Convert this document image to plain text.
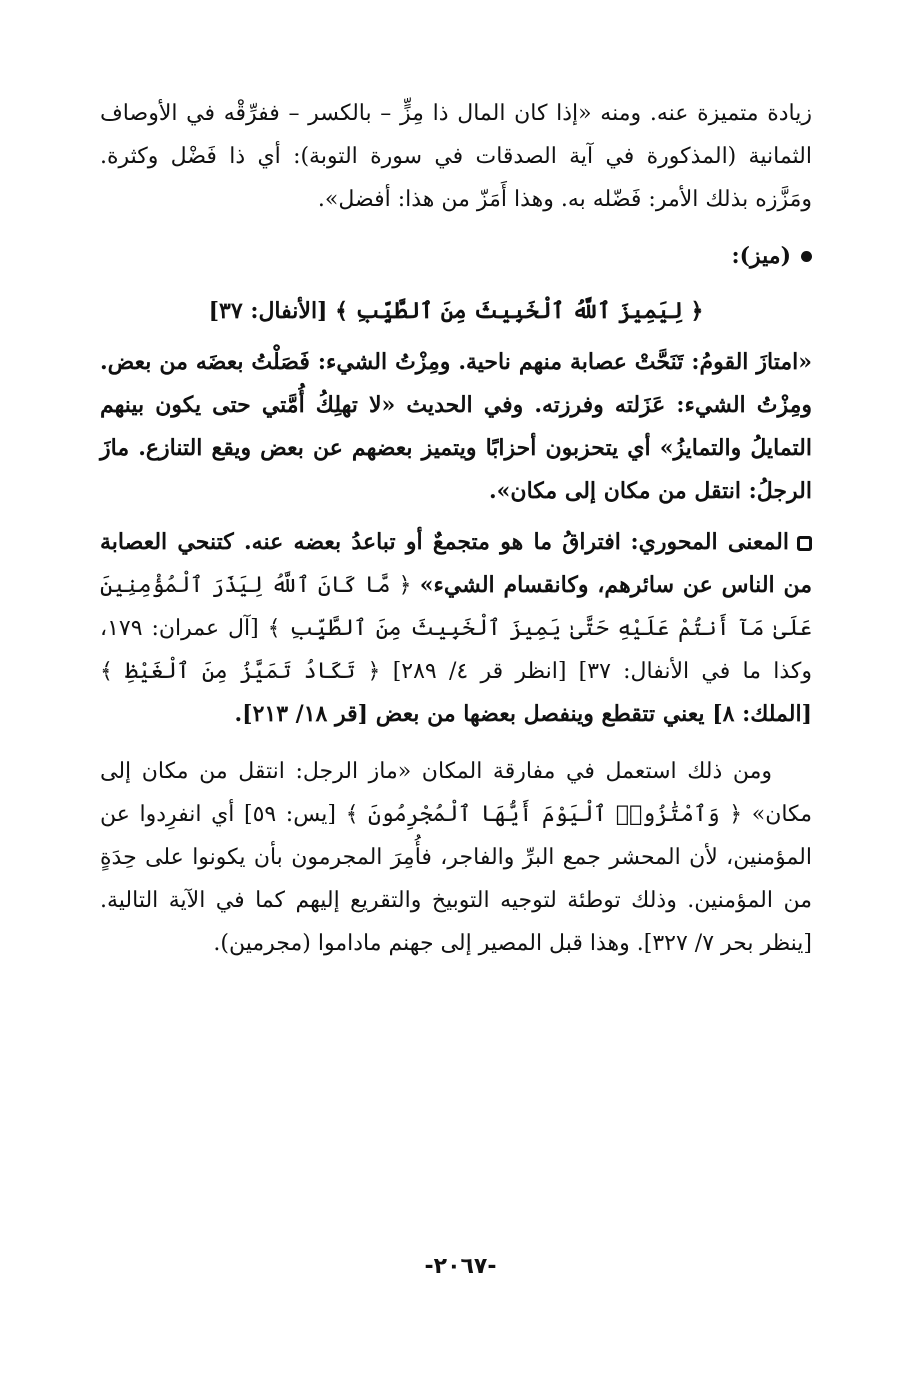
زيادة متميزة عنه. ومنه «إذا كان المال ذا مِزٍّ – بالكسر – ففرِّقْه في الأوصاف الثمانية (المذكورة في آية الصدقات في سورة التوبة): أي ذا فَضْل وكثرة. ومَزَّزه بذلك الأمر: فَضّله به. وهذا أَمَزّ من هذا: أفضل».

(ميز):

﴿ لِيَمِيزَ ٱللَّهُ ٱلْخَبِيثَ مِنَ ٱلطَّيِّبِ ﴾ [الأنفال: ٣٧]

«امتازَ القومُ: تَنَحَّتْ عصابة منهم ناحية. ومِزْتُ الشيء: فَصَلْتُ بعضَه من بعض. ومِزْتُ الشيء: عَزَلته وفرزته. وفي الحديث «لا تهلِكُ أُمَّتي حتى يكون بينهم التمايلُ والتمايزُ» أي يتحزبون أحزابًا ويتميز بعضهم عن بعض ويقع التنازع. مازَ الرجلُ: انتقل من مكان إلى مكان».

المعنى المحوري: افتراقُ ما هو متجمعٌ أو تباعدُ بعضه عنه. كتنحي العصابة من الناس عن سائرهم، وكانقسام الشيء» ﴿ مَّا كَانَ ٱللَّهُ لِيَذَرَ ٱلْمُؤْمِنِينَ عَلَىٰ مَآ أَنتُمْ عَلَيْهِ حَتَّىٰ يَمِيزَ ٱلْخَبِيثَ مِنَ ٱلطَّيِّبِ ﴾ [آل عمران: ١٧٩، وكذا ما في الأنفال: ٣٧] [انظر قر ٤/ ٢٨٩] ﴿ تَكَادُ تَمَيَّزُ مِنَ ٱلْغَيْظِ ﴾ [الملك: ٨] يعني تتقطع وينفصل بعضها من بعض [قر ١٨/ ٢١٣].

ومن ذلك استعمل في مفارقة المكان «ماز الرجل: انتقل من مكان إلى مكان» ﴿ وَٱمْتَٰزُوا۟ ٱلْيَوْمَ أَيُّهَا ٱلْمُجْرِمُونَ ﴾ [يس: ٥٩] أي انفرِدوا عن المؤمنين، لأن المحشر جمع البرِّ والفاجر، فأُمِرَ المجرمون بأن يكونوا على حِدَةٍ من المؤمنين. وذلك توطئة لتوجيه التوبيخ والتقريع إليهم كما في الآية التالية. [ينظر بحر ٧/ ٣٢٧]. وهذا قبل المصير إلى جهنم ماداموا (مجرمين).

-٢٠٦٧-
